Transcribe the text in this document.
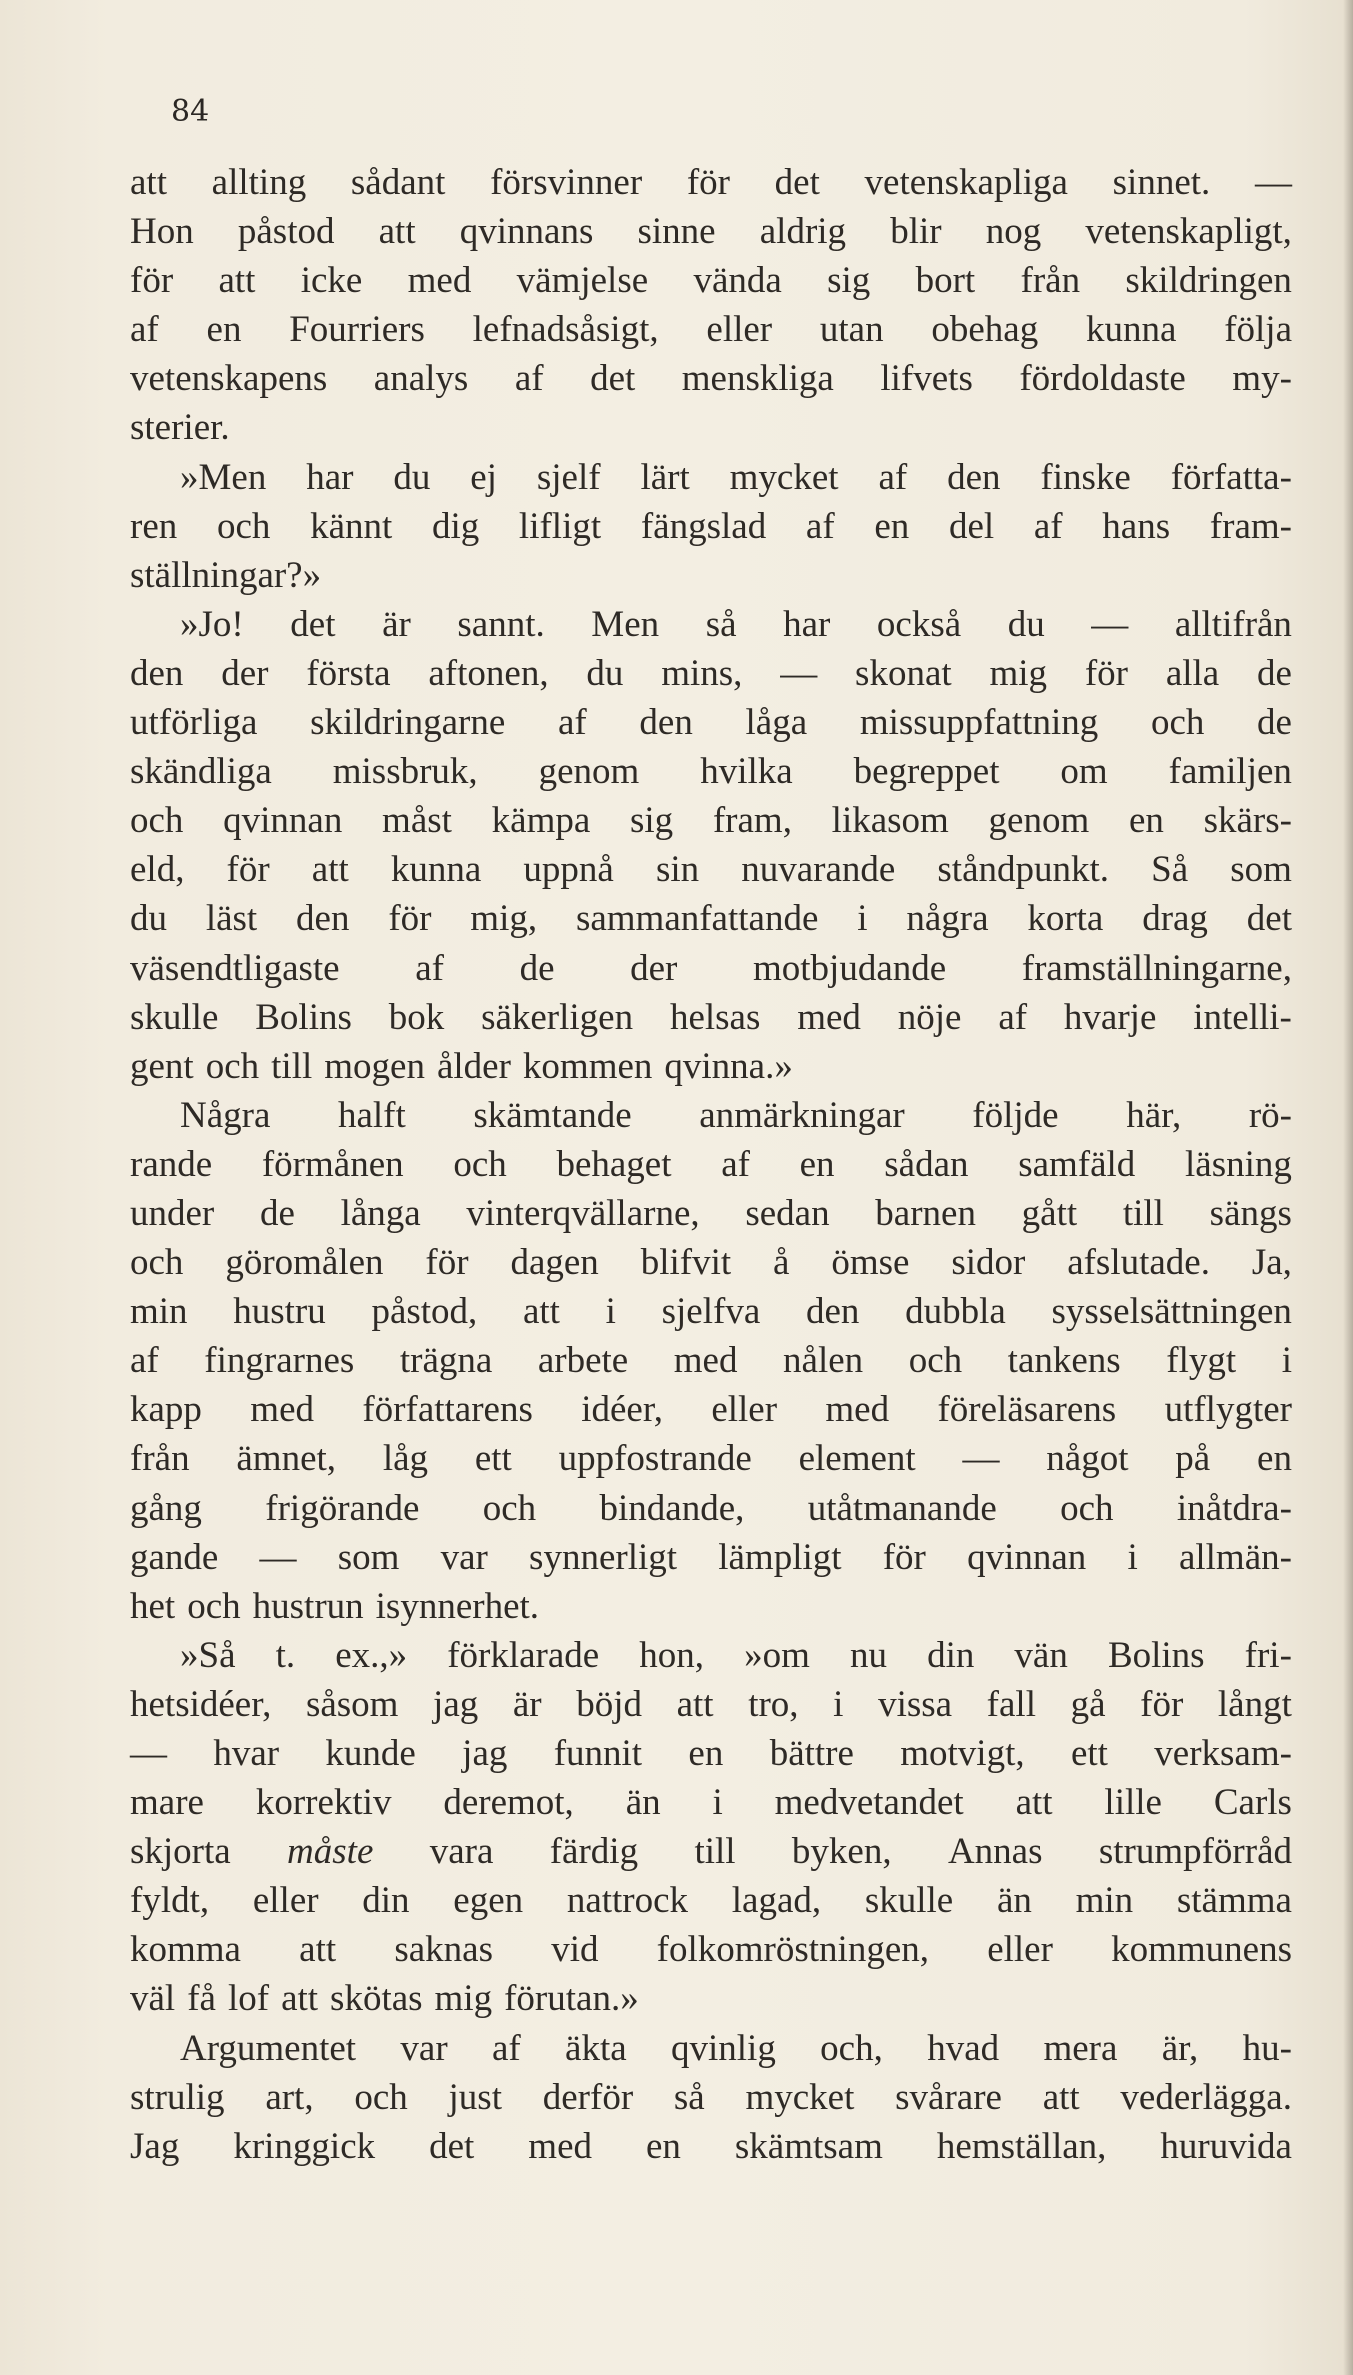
84
att allting sådant försvinner för det vetenskapliga sinnet. —
Hon påstod att qvinnans sinne aldrig blir nog vetenskapligt,
för att icke med vämjelse vända sig bort från skildringen
af en Fourriers lefnadsåsigt, eller utan obehag kunna följa
vetenskapens analys af det menskliga lifvets fördoldaste my-
sterier.
»Men har du ej sjelf lärt mycket af den finske författa-
ren och kännt dig lifligt fängslad af en del af hans fram-
ställningar?»
»Jo! det är sannt. Men så har också du — alltifrån
den der första aftonen, du mins, — skonat mig för alla de
utförliga skildringarne af den låga missuppfattning och de
skändliga missbruk, genom hvilka begreppet om familjen
och qvinnan måst kämpa sig fram, likasom genom en skärs-
eld, för att kunna uppnå sin nuvarande ståndpunkt. Så som
du läst den för mig, sammanfattande i några korta drag det
väsendtligaste af de der motbjudande framställningarne,
skulle Bolins bok säkerligen helsas med nöje af hvarje intelli-
gent och till mogen ålder kommen qvinna.»
Några halft skämtande anmärkningar följde här, rö-
rande förmånen och behaget af en sådan samfäld läsning
under de långa vinterqvällarne, sedan barnen gått till sängs
och göromålen för dagen blifvit å ömse sidor afslutade. Ja,
min hustru påstod, att i sjelfva den dubbla sysselsättningen
af fingrarnes trägna arbete med nålen och tankens flygt i
kapp med författarens idéer, eller med föreläsarens utflygter
från ämnet, låg ett uppfostrande element — något på en
gång frigörande och bindande, utåtmanande och inåtdra-
gande — som var synnerligt lämpligt för qvinnan i allmän-
het och hustrun isynnerhet.
»Så t. ex.,» förklarade hon, »om nu din vän Bolins fri-
hetsidéer, såsom jag är böjd att tro, i vissa fall gå för långt
— hvar kunde jag funnit en bättre motvigt, ett verksam-
mare korrektiv deremot, än i medvetandet att lille Carls
skjorta måste vara färdig till byken, Annas strumpförråd
fyldt, eller din egen nattrock lagad, skulle än min stämma
komma att saknas vid folkomröstningen, eller kommunens
väl få lof att skötas mig förutan.»
Argumentet var af äkta qvinlig och, hvad mera är, hu-
strulig art, och just derför så mycket svårare att vederlägga.
Jag kringgick det med en skämtsam hemställan, huruvida
